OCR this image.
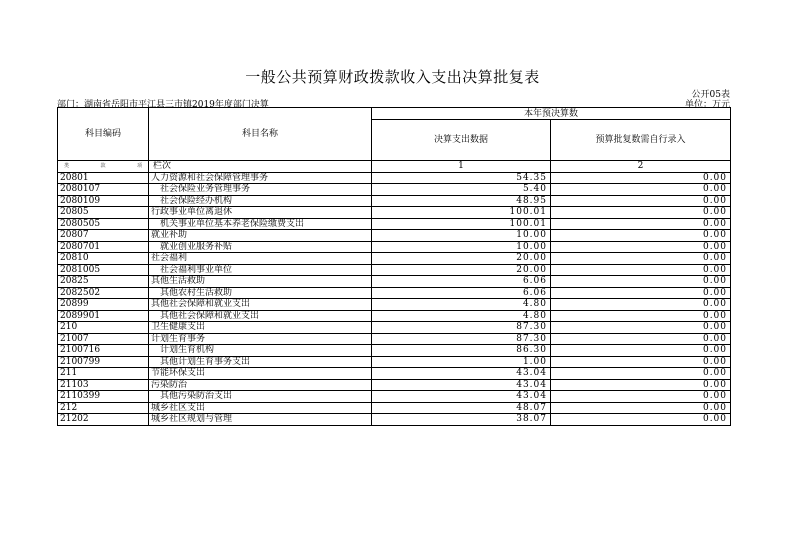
一般公共预算财政拨款收入支出决算批复表
公开05表
部门：湖南省岳阳市平江县三市镇2019年度部门决算	单位：万元
科目编码	科目名称	本年预决算数	
		决算支出数据	预算批复数需自行录入

类 款 项	栏次	1	2
20801	人力资源和社会保障管理事务	54.35	0.00
2080107	社会保险业务管理事务	5.40	0.00
2080109	社会保险经办机构	48.95	0.00
20805	行政事业单位离退休	100.01	0.00
2080505	机关事业单位基本养老保险缴费支出	100.01	0.00
20807	就业补助	10.00	0.00
2080701	就业创业服务补贴	10.00	0.00
20810	社会福利	20.00	0.00
2081005	社会福利事业单位	20.00	0.00
20825	其他生活救助	6.06	0.00
2082502	其他农村生活救助	6.06	0.00
20899	其他社会保障和就业支出	4.80	0.00
2089901	其他社会保障和就业支出	4.80	0.00
210	卫生健康支出	87.30	0.00
21007	计划生育事务	87.30	0.00
2100716	计划生育机构	86.30	0.00
2100799	其他计划生育事务支出	1.00	0.00
211	节能环保支出	43.04	0.00
21103	污染防治	43.04	0.00
2110399	其他污染防治支出	43.04	0.00
212	城乡社区支出	48.07	0.00
21202	城乡社区规划与管理	38.07	0.00
